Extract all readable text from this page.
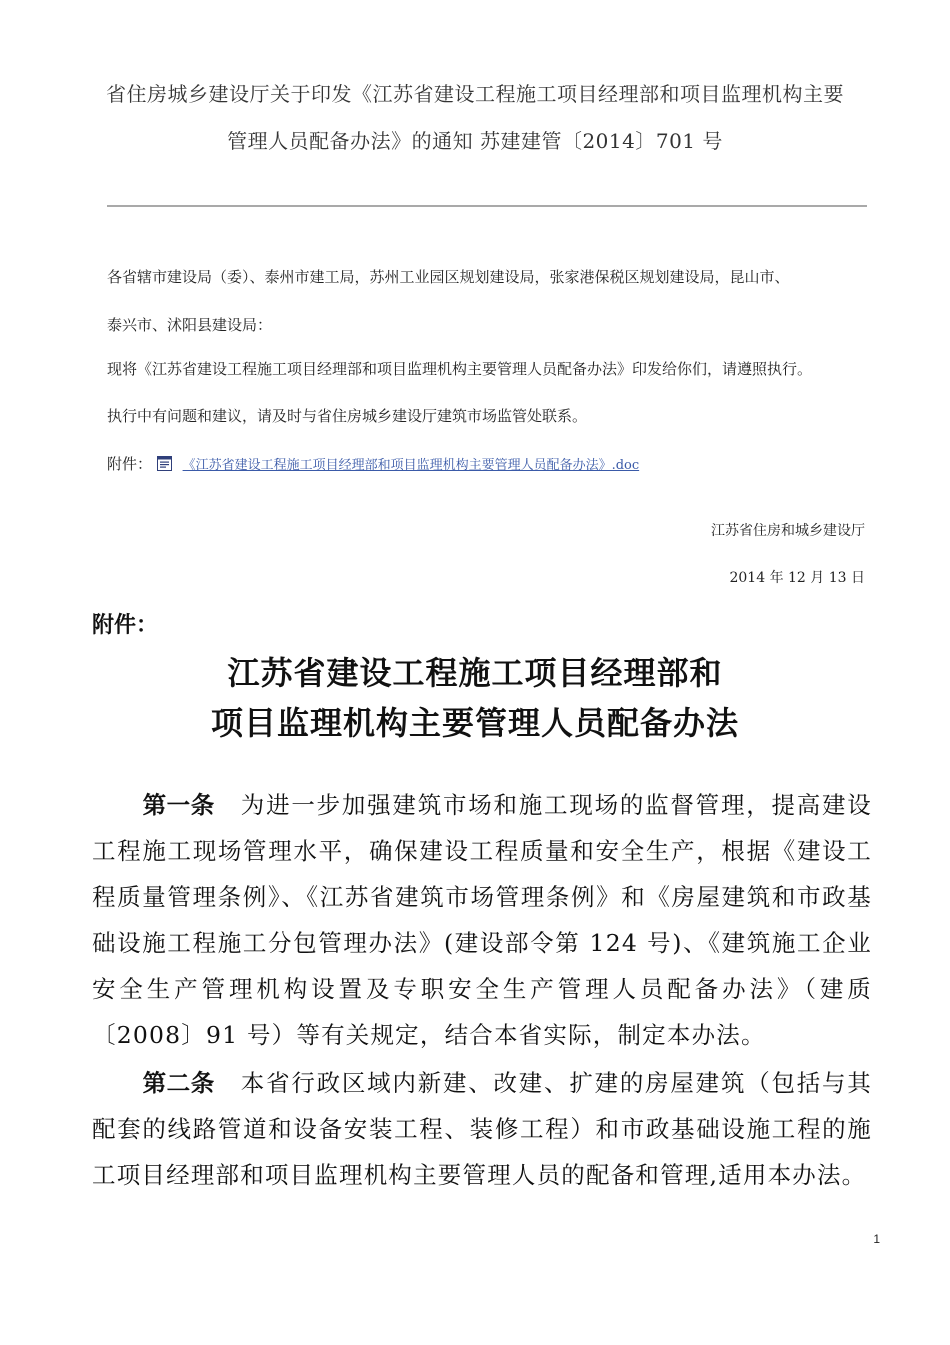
省住房城乡建设厅关于印发《江苏省建设工程施工项目经理部和项目监理机构主要
管理人员配备办法》的通知 苏建建管〔2014〕701 号
各省辖市建设局（委）、泰州市建工局，苏州工业园区规划建设局，张家港保税区规划建设局，昆山市、
泰兴市、沭阳县建设局：
现将《江苏省建设工程施工项目经理部和项目监理机构主要管理人员配备办法》印发给你们，请遵照执行。
执行中有问题和建议，请及时与省住房城乡建设厅建筑市场监管处联系。
附件： 《江苏省建设工程施工项目经理部和项目监理机构主要管理人员配备办法》.doc
江苏省住房和城乡建设厅
2014 年 12 月 13 日
附件：
江苏省建设工程施工项目经理部和
项目监理机构主要管理人员配备办法
第一条 为进一步加强建筑市场和施工现场的监督管理，提高建设工程施工现场管理水平，确保建设工程质量和安全生产，根据《建设工程质量管理条例》、《江苏省建筑市场管理条例》和《房屋建筑和市政基础设施工程施工分包管理办法》(建设部令第 124 号)、《建筑施工企业安全生产管理机构设置及专职安全生产管理人员配备办法》（建质〔2008〕91 号）等有关规定，结合本省实际，制定本办法。
第二条 本省行政区域内新建、改建、扩建的房屋建筑（包括与其配套的线路管道和设备安装工程、装修工程）和市政基础设施工程的施工项目经理部和项目监理机构主要管理人员的配备和管理,适用本办法。
1
